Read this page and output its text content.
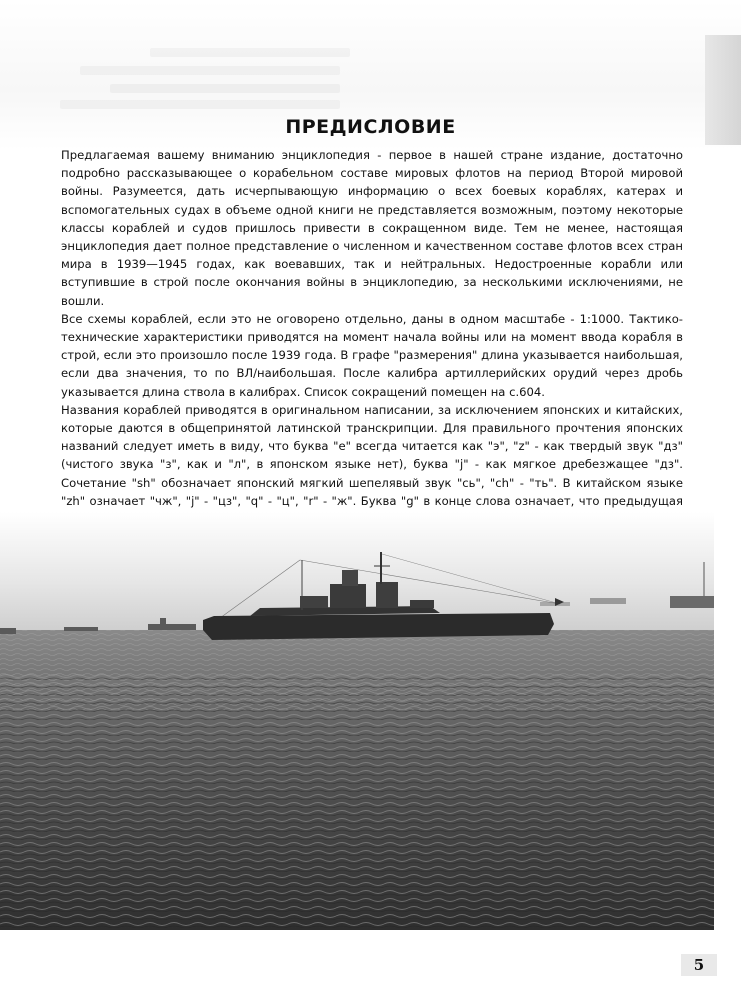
ПРЕДИСЛОВИЕ

Предлагаемая вашему вниманию энциклопедия - первое в нашей стране издание, достаточно подробно рассказывающее о корабельном составе мировых флотов на период Второй мировой войны. Разумеется, дать исчерпывающую информацию о всех боевых кораблях, катерах и вспомогательных судах в объеме одной книги не представляется возможным, поэтому некоторые классы кораблей и судов пришлось привести в сокращенном виде. Тем не менее, настоящая энциклопедия дает полное представление о численном и качественном составе флотов всех стран мира в 1939—1945 годах, как воевавших, так и нейтральных. Недостроенные корабли или вступившие в строй после окончания войны в энциклопедию, за несколькими исключениями, не вошли.

Все схемы кораблей, если это не оговорено отдельно, даны в одном масштабе - 1:1000. Тактико-технические характеристики приводятся на момент начала войны или на момент ввода корабля в строй, если это произошло после 1939 года. В графе "размерения" длина указывается наибольшая, если два значения, то по ВЛ/наибольшая. После калибра артиллерийских орудий через дробь указывается длина ствола в калибрах. Список сокращений помещен на с.604.

Названия кораблей приводятся в оригинальном написании, за исключением японских и китайских, которые даются в общепринятой латинской транскрипции. Для правильного прочтения японских названий следует иметь в виду, что буква "е" всегда читается как "э", "z" - как твердый звук "дз" (чистого звука "з", как и "л", в японском языке нет), буква "j" - как мягкое дребезжащее "дз". Сочетание "sh" обозначает японский мягкий шепелявый звук "сь", "ch" - "ть". В китайском языке "zh" означает "чж", "j" - "цз", "q" - "ц", "r" - "ж". Буква "g" в конце слова означает, что предыдущая

5
